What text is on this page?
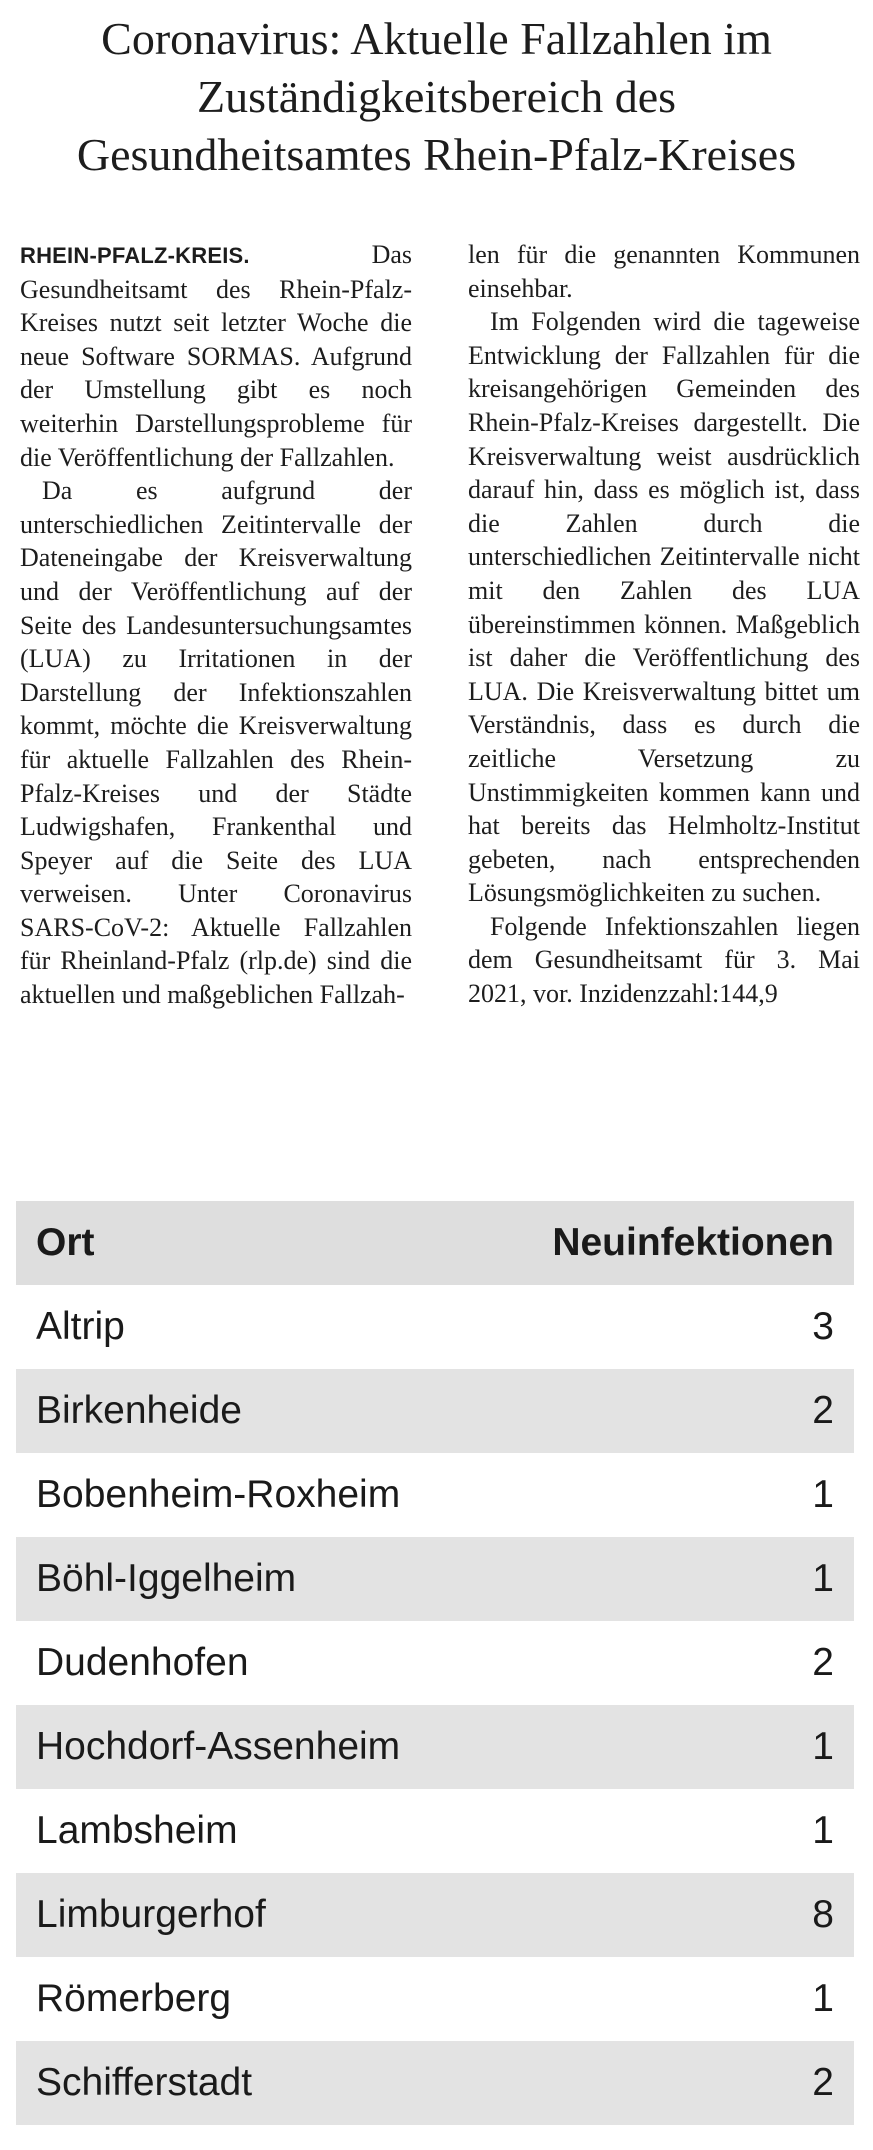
Coronavirus: Aktuelle Fallzahlen im
Zuständigkeitsbereich des
Gesundheitsamtes Rhein-Pfalz-Kreises

RHEIN-PFALZ-KREIS.	Das Gesundheitsamt des Rhein-Pfalz-Kreises nutzt seit letzter Woche die neue Software SORMAS. Aufgrund der Umstellung gibt es noch weiterhin Darstellungsprobleme für die Veröffentlichung der Fallzahlen.

Da es aufgrund der unterschiedlichen Zeitintervalle der Dateneingabe der Kreisverwaltung und der Veröffentlichung auf der Seite des Landesuntersuchungsamtes (LUA) zu Irritationen in der Darstellung der Infektionszahlen kommt, möchte die Kreisverwaltung für aktuelle Fallzahlen des Rhein-Pfalz-Kreises und der Städte Ludwigshafen, Frankenthal und Speyer auf die Seite des LUA verweisen. Unter Coronavirus SARS-CoV-2: Aktuelle Fallzahlen für Rheinland-Pfalz (rlp.de) sind die aktuellen und maßgeblichen Fallzah-

len für die genannten Kommunen einsehbar.

Im Folgenden wird die tageweise Entwicklung der Fallzahlen für die kreisangehörigen Gemeinden des Rhein-Pfalz-Kreises dargestellt. Die Kreisverwaltung weist ausdrücklich darauf hin, dass es möglich ist, dass die Zahlen durch die unterschiedlichen Zeitintervalle nicht mit den Zahlen des LUA übereinstimmen können. Maßgeblich ist daher die Veröffentlichung des LUA. Die Kreisverwaltung bittet um Verständnis, dass es durch die zeitliche Versetzung zu Unstimmigkeiten kommen kann und hat bereits das Helmholtz-Institut gebeten, nach entsprechenden Lösungsmöglichkeiten zu suchen.

Folgende Infektionszahlen liegen dem Gesundheitsamt für 3. Mai 2021, vor. Inzidenzzahl:144,9

Ort	Neuinfektionen
Altrip	3
Birkenheide	2
Bobenheim-Roxheim	1
Böhl-Iggelheim	1
Dudenhofen	2
Hochdorf-Assenheim	1
Lambsheim	1
Limburgerhof	8
Römerberg	1
Schifferstadt	2
